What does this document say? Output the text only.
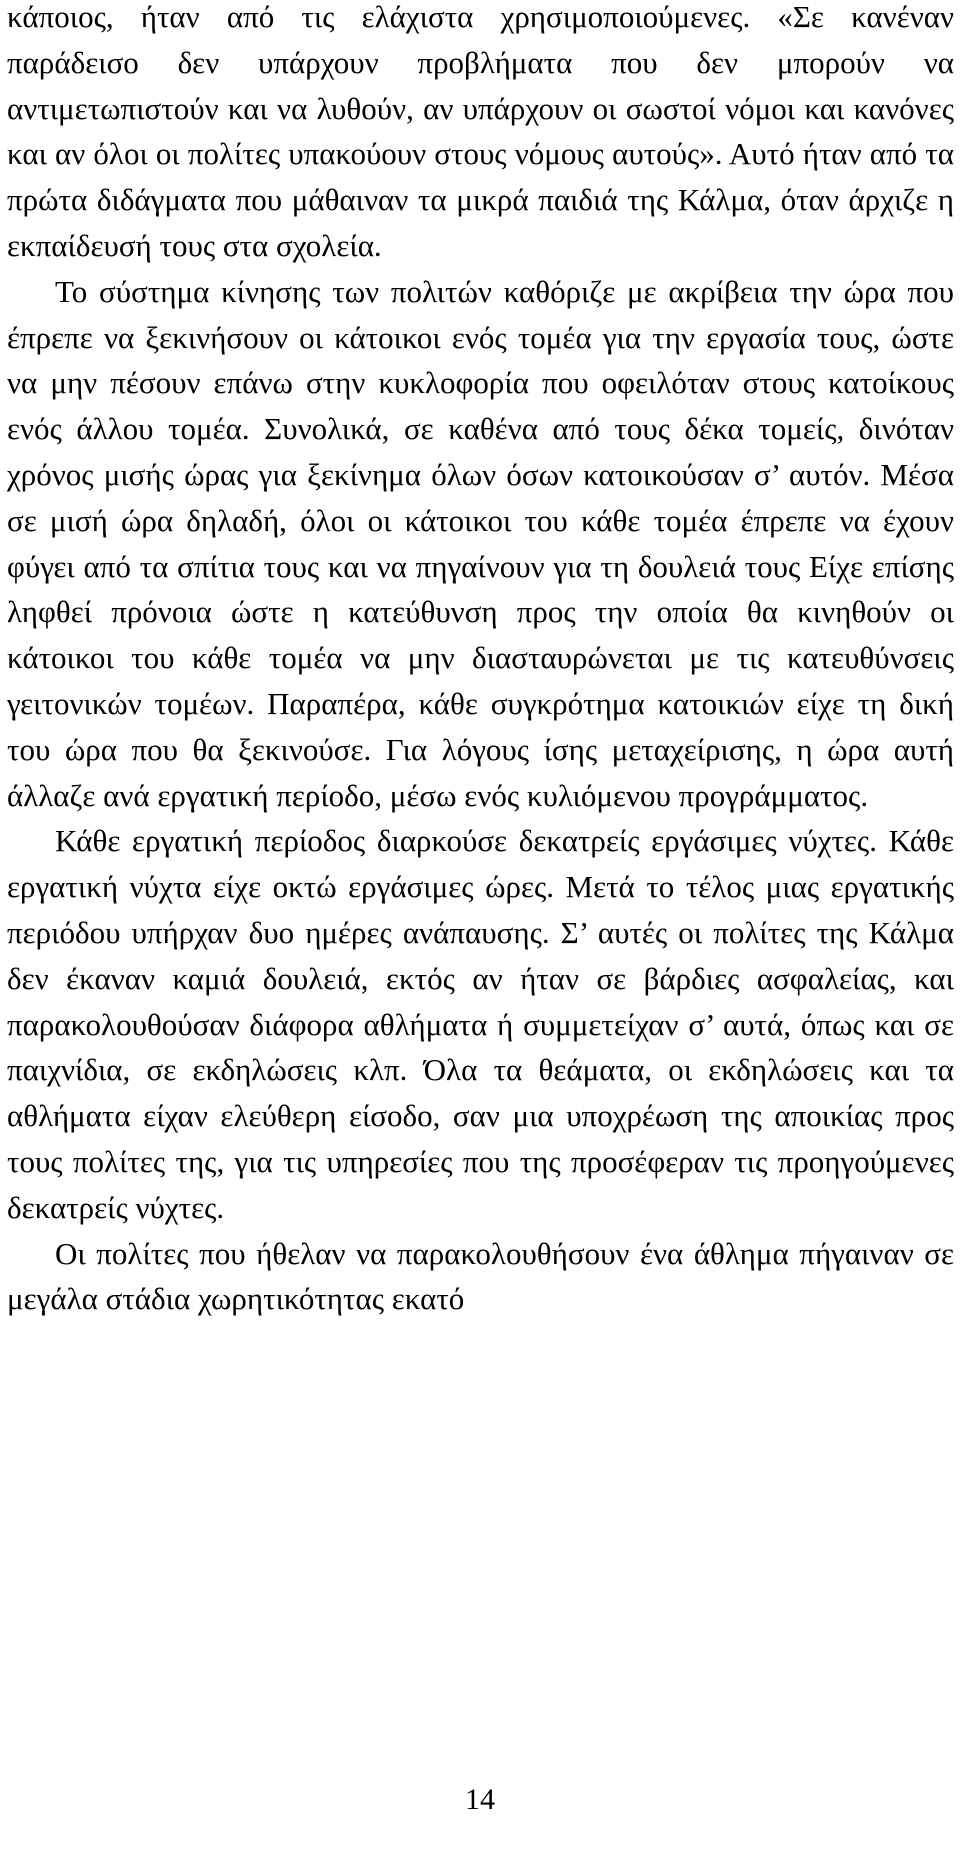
κάποιος, ήταν από τις ελάχιστα χρησιμοποιούμενες. «Σε κανέναν παράδεισο δεν υπάρχουν προβλήματα που δεν μπορούν να αντιμετωπιστούν και να λυθούν, αν υπάρχουν οι σωστοί νόμοι και κανόνες και αν όλοι οι πολίτες υπακούουν στους νόμους αυτούς». Αυτό ήταν από τα πρώτα διδάγματα που μάθαιναν τα μικρά παιδιά της Κάλμα, όταν άρχιζε η εκπαίδευσή τους στα σχολεία.

Το σύστημα κίνησης των πολιτών καθόριζε με ακρίβεια την ώρα που έπρεπε να ξεκινήσουν οι κάτοικοι ενός τομέα για την εργασία τους, ώστε να μην πέσουν επάνω στην κυκλοφορία που οφειλόταν στους κατοίκους ενός άλλου τομέα. Συνολικά, σε καθένα από τους δέκα τομείς, δινόταν χρόνος μισής ώρας για ξεκίνημα όλων όσων κατοικούσαν σ’ αυτόν. Μέσα σε μισή ώρα δηλαδή, όλοι οι κάτοικοι του κάθε τομέα έπρεπε να έχουν φύγει από τα σπίτια τους και να πηγαίνουν για τη δουλειά τους Είχε επίσης ληφθεί πρόνοια ώστε η κατεύθυνση προς την οποία θα κινηθούν οι κάτοικοι του κάθε τομέα να μην διασταυρώνεται με τις κατευθύνσεις γειτονικών τομέων. Παραπέρα, κάθε συγκρότημα κατοικιών είχε τη δική του ώρα που θα ξεκινούσε. Για λόγους ίσης μεταχείρισης, η ώρα αυτή άλλαζε ανά εργατική περίοδο, μέσω ενός κυλιόμενου προγράμματος.

Κάθε εργατική περίοδος διαρκούσε δεκατρείς εργάσιμες νύχτες. Κάθε εργατική νύχτα είχε οκτώ εργάσιμες ώρες. Μετά το τέλος μιας εργατικής περιόδου υπήρχαν δυο ημέρες ανάπαυσης. Σ’ αυτές οι πολίτες της Κάλμα δεν έκαναν καμιά δουλειά, εκτός αν ήταν σε βάρδιες ασφαλείας, και παρακολουθούσαν διάφορα αθλήματα ή συμμετείχαν σ’ αυτά, όπως και σε παιχνίδια, σε εκδηλώσεις κλπ. Όλα τα θεάματα, οι εκδηλώσεις και τα αθλήματα είχαν ελεύθερη είσοδο, σαν μια υποχρέωση της αποικίας προς τους πολίτες της, για τις υπηρεσίες που της προσέφεραν τις προηγούμενες δεκατρείς νύχτες.

Οι πολίτες που ήθελαν να παρακολουθήσουν ένα άθλημα πήγαιναν σε μεγάλα στάδια χωρητικότητας εκατό

14
